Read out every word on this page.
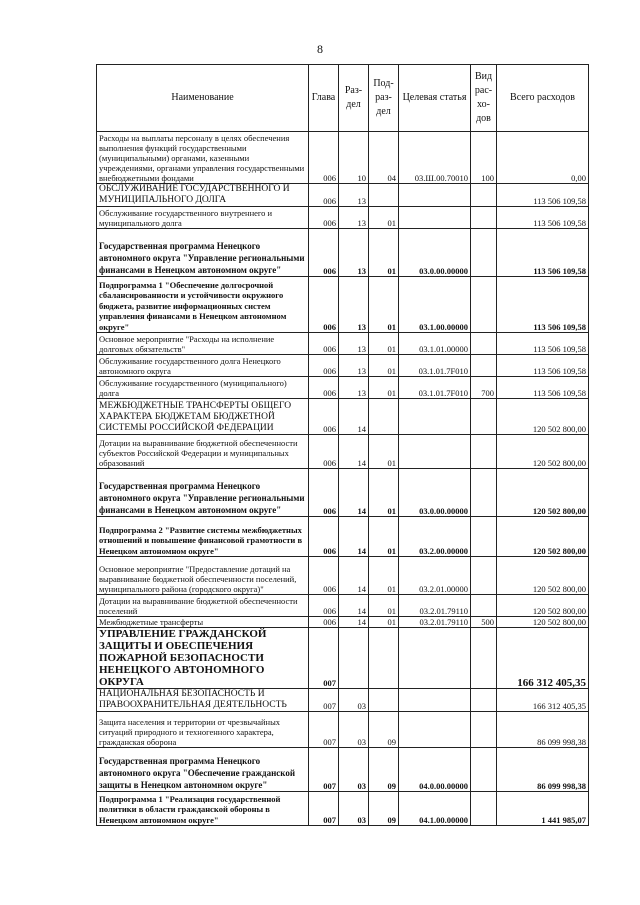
8
Наименование	Глава	Раз-дел	Под-раз-дел	Целевая статья	Вид рас-хо-дов	Всего расходов
Расходы на выплаты персоналу в целях обеспечения выполнения функций государственными (муниципальными) органами, казенными учреждениями, органами управления государственными внебюджетными фондами	006	10	04	03.Ш.00.70010	100	0,00
ОБСЛУЖИВАНИЕ ГОСУДАРСТВЕННОГО И МУНИЦИПАЛЬНОГО ДОЛГА	006	13				113 506 109,58
Обслуживание государственного внутреннего и муниципального долга	006	13	01			113 506 109,58
Государственная программа Ненецкого автономного округа "Управление региональными финансами в Ненецком автономном округе"	006	13	01	03.0.00.00000		113 506 109,58
Подпрограмма 1 "Обеспечение долгосрочной сбалансированности и устойчивости окружного бюджета, развитие информационных систем управления финансами в Ненецком автономном округе"	006	13	01	03.1.00.00000		113 506 109,58
Основное мероприятие "Расходы на исполнение долговых обязательств"	006	13	01	03.1.01.00000		113 506 109,58
Обслуживание государственного долга Ненецкого автономного округа	006	13	01	03.1.01.7F010		113 506 109,58
Обслуживание государственного (муниципального) долга	006	13	01	03.1.01.7F010	700	113 506 109,58
МЕЖБЮДЖЕТНЫЕ ТРАНСФЕРТЫ ОБЩЕГО ХАРАКТЕРА БЮДЖЕТАМ БЮДЖЕТНОЙ СИСТЕМЫ РОССИЙСКОЙ ФЕДЕРАЦИИ	006	14				120 502 800,00
Дотации на выравнивание бюджетной обеспеченности субъектов Российской Федерации и муниципальных образований	006	14	01			120 502 800,00
Государственная программа Ненецкого автономного округа "Управление региональными финансами в Ненецком автономном округе"	006	14	01	03.0.00.00000		120 502 800,00
Подпрограмма 2 "Развитие системы межбюджетных отношений и повышение финансовой грамотности в Ненецком автономном округе"	006	14	01	03.2.00.00000		120 502 800,00
Основное мероприятие "Предоставление дотаций на выравнивание бюджетной обеспеченности поселений, муниципального района (городского округа)"	006	14	01	03.2.01.00000		120 502 800,00
Дотации на выравнивание бюджетной обеспеченности поселений	006	14	01	03.2.01.79110		120 502 800,00
Межбюджетные трансферты	006	14	01	03.2.01.79110	500	120 502 800,00
УПРАВЛЕНИЕ ГРАЖДАНСКОЙ ЗАЩИТЫ И ОБЕСПЕЧЕНИЯ ПОЖАРНОЙ БЕЗОПАСНОСТИ НЕНЕЦКОГО АВТОНОМНОГО ОКРУГА	007					166 312 405,35
НАЦИОНАЛЬНАЯ БЕЗОПАСНОСТЬ И ПРАВООХРАНИТЕЛЬНАЯ ДЕЯТЕЛЬНОСТЬ	007	03				166 312 405,35
Защита населения и территории от чрезвычайных ситуаций природного и техногенного характера, гражданская оборона	007	03	09			86 099 998,38
Государственная программа Ненецкого автономного округа "Обеспечение гражданской защиты в Ненецком автономном округе"	007	03	09	04.0.00.00000		86 099 998,38
Подпрограмма 1 "Реализация государственной политики в области гражданской обороны в Ненецком автономном округе"	007	03	09	04.1.00.00000		1 441 985,07
